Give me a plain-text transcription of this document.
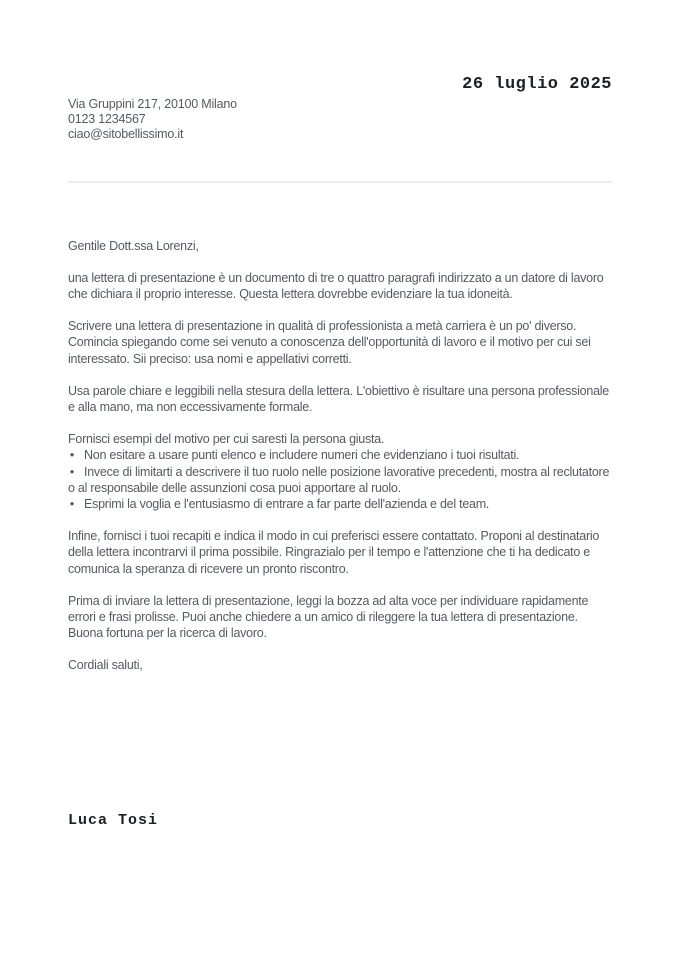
26 luglio 2025
Via Gruppini 217, 20100 Milano
0123 1234567
ciao@sitobellissimo.it

Gentile Dott.ssa Lorenzi,

una lettera di presentazione è un documento di tre o quattro paragrafi indirizzato a un datore di lavoro che dichiara il proprio interesse. Questa lettera dovrebbe evidenziare la tua idoneità.

Scrivere una lettera di presentazione in qualità di professionista a metà carriera è un po' diverso. Comincia spiegando come sei venuto a conoscenza dell'opportunità di lavoro e il motivo per cui sei interessato. Sii preciso: usa nomi e appellativi corretti.

Usa parole chiare e leggibili nella stesura della lettera. L'obiettivo è risultare una persona professionale e alla mano, ma non eccessivamente formale.

Fornisci esempi del motivo per cui saresti la persona giusta.
• Non esitare a usare punti elenco e includere numeri che evidenziano i tuoi risultati.
• Invece di limitarti a descrivere il tuo ruolo nelle posizione lavorative precedenti, mostra al reclutatore o al responsabile delle assunzioni cosa puoi apportare al ruolo.
• Esprimi la voglia e l'entusiasmo di entrare a far parte dell'azienda e del team.

Infine, fornisci i tuoi recapiti e indica il modo in cui preferisci essere contattato. Proponi al destinatario della lettera incontrarvi il prima possibile. Ringrazialo per il tempo e l'attenzione che ti ha dedicato e comunica la speranza di ricevere un pronto riscontro.

Prima di inviare la lettera di presentazione, leggi la bozza ad alta voce per individuare rapidamente errori e frasi prolisse. Puoi anche chiedere a un amico di rileggere la tua lettera di presentazione. Buona fortuna per la ricerca di lavoro.

Cordiali saluti,

Luca Tosi
